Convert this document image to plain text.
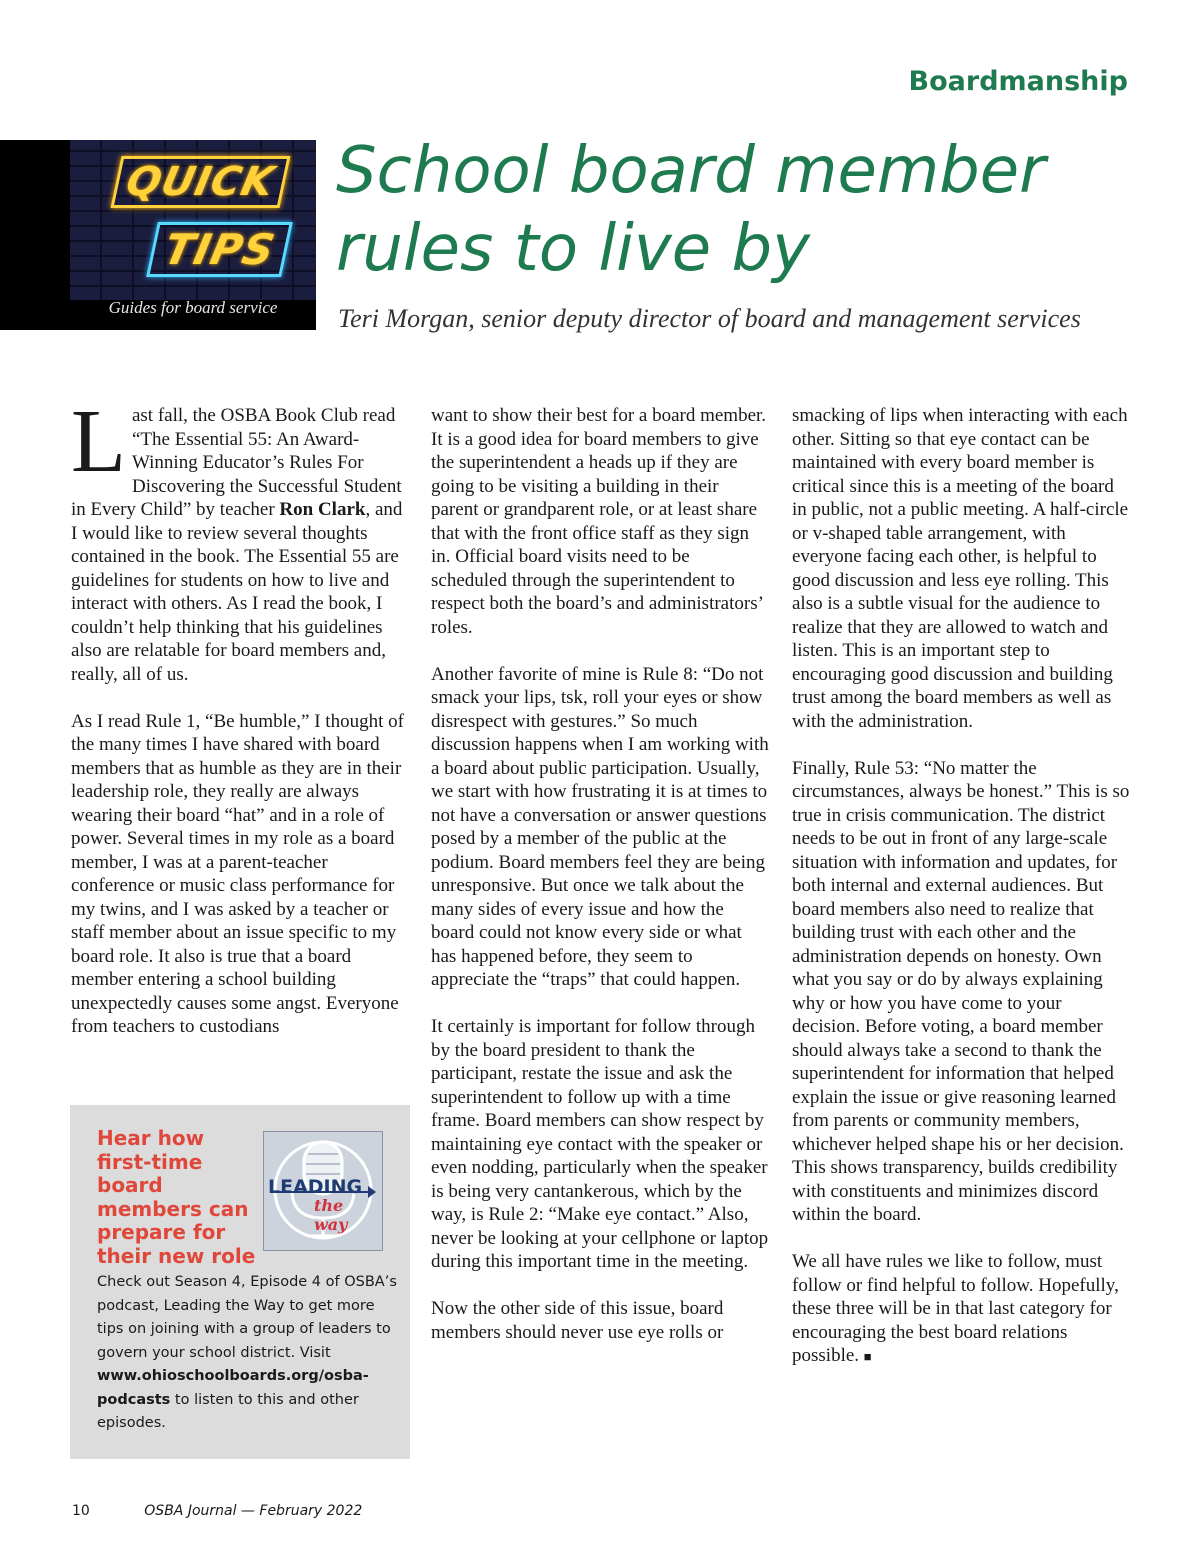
Boardmanship
QUICK
TIPS
Guides for board service
School board member rules to live by
Teri Morgan, senior deputy director of board and management services

Last fall, the OSBA Book Club read “The Essential 55: An Award-Winning Educator’s Rules For Discovering the Successful Student in Every Child” by teacher Ron Clark, and I would like to review several thoughts contained in the book. The Essential 55 are guidelines for students on how to live and interact with others. As I read the book, I couldn’t help thinking that his guidelines also are relatable for board members and, really, all of us.

As I read Rule 1, “Be humble,” I thought of the many times I have shared with board members that as humble as they are in their leadership role, they really are always wearing their board “hat” and in a role of power. Several times in my role as a board member, I was at a parent-teacher conference or music class performance for my twins, and I was asked by a teacher or staff member about an issue specific to my board role. It also is true that a board member entering a school building unexpectedly causes some angst. Everyone from teachers to custodians

want to show their best for a board member. It is a good idea for board members to give the superintendent a heads up if they are going to be visiting a building in their parent or grandparent role, or at least share that with the front office staff as they sign in. Official board visits need to be scheduled through the superintendent to respect both the board’s and administrators’ roles.

Another favorite of mine is Rule 8: “Do not smack your lips, tsk, roll your eyes or show disrespect with gestures.” So much discussion happens when I am working with a board about public participation. Usually, we start with how frustrating it is at times to not have a conversation or answer questions posed by a member of the public at the podium. Board members feel they are being unresponsive. But once we talk about the many sides of every issue and how the board could not know every side or what has happened before, they seem to appreciate the “traps” that could happen.

It certainly is important for follow through by the board president to thank the participant, restate the issue and ask the superintendent to follow up with a time frame. Board members can show respect by maintaining eye contact with the speaker or even nodding, particularly when the speaker is being very cantankerous, which by the way, is Rule 2: “Make eye contact.” Also, never be looking at your cellphone or laptop during this important time in the meeting.

Now the other side of this issue, board members should never use eye rolls or

smacking of lips when interacting with each other. Sitting so that eye contact can be maintained with every board member is critical since this is a meeting of the board in public, not a public meeting. A half-circle or v-shaped table arrangement, with everyone facing each other, is helpful to good discussion and less eye rolling. This also is a subtle visual for the audience to realize that they are allowed to watch and listen. This is an important step to encouraging good discussion and building trust among the board members as well as with the administration.

Finally, Rule 53: “No matter the circumstances, always be honest.” This is so true in crisis communication. The district needs to be out in front of any large-scale situation with information and updates, for both internal and external audiences. But board members also need to realize that building trust with each other and the administration depends on honesty. Own what you say or do by always explaining why or how you have come to your decision. Before voting, a board member should always take a second to thank the superintendent for information that helped explain the issue or give reasoning learned from parents or community members, whichever helped shape his or her decision. This shows transparency, builds credibility with constituents and minimizes discord within the board.

We all have rules we like to follow, must follow or find helpful to follow. Hopefully, these three will be in that last category for encouraging the best board relations possible. ■

Hear how first-time board members can prepare for their new role
LEADING
the way
Check out Season 4, Episode 4 of OSBA’s podcast, Leading the Way to get more tips on joining with a group of leaders to govern your school district. Visit www.ohioschoolboards.org/osba-podcasts to listen to this and other episodes.
10	OSBA Journal — February 2022
